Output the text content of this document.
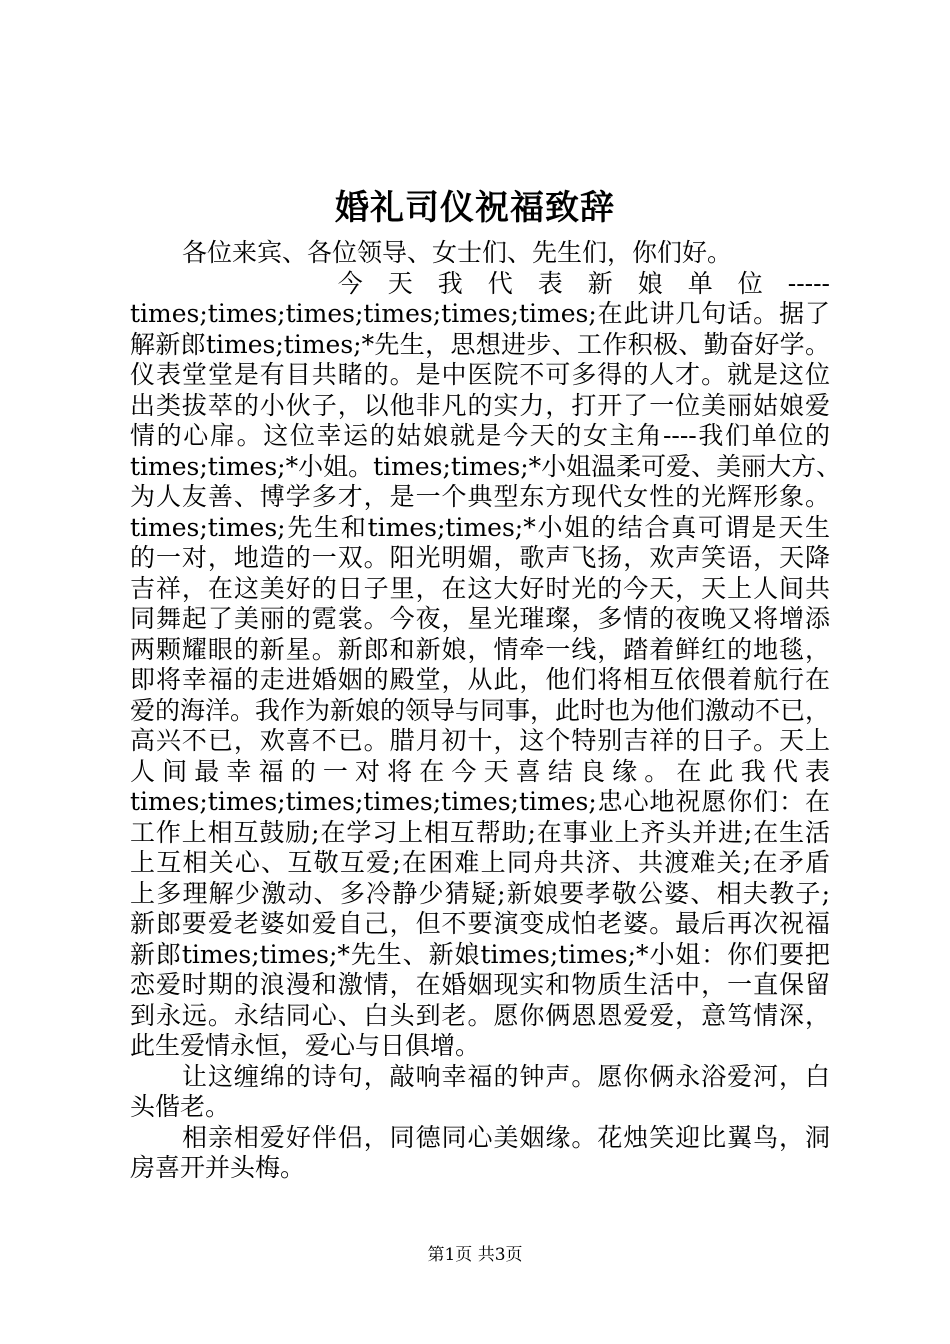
婚礼司仪祝福致辞
各位来宾、各位领导、女士们、先生们，你们好。
今　天　我　代　表　新　娘　单　位　-----
times;times;times;times;times;times;在此讲几句话。据了
解新郎times;times;*先生，思想进步、工作积极、勤奋好学。
仪表堂堂是有目共睹的。是中医院不可多得的人才。就是这位
出类拔萃的小伙子，以他非凡的实力，打开了一位美丽姑娘爱
情的心扉。这位幸运的姑娘就是今天的女主角----我们单位的
times;times;*小姐。times;times;*小姐温柔可爱、美丽大方、
为人友善、博学多才，是一个典型东方现代女性的光辉形象。
times;times;先生和times;times;*小姐的结合真可谓是天生
的一对，地造的一双。阳光明媚，歌声飞扬，欢声笑语，天降
吉祥，在这美好的日子里，在这大好时光的今天，天上人间共
同舞起了美丽的霓裳。今夜，星光璀璨，多情的夜晚又将增添
两颗耀眼的新星。新郎和新娘，情牵一线，踏着鲜红的地毯，
即将幸福的走进婚姻的殿堂，从此，他们将相互依偎着航行在
爱的海洋。我作为新娘的领导与同事，此时也为他们激动不已，
高兴不已，欢喜不已。腊月初十，这个特别吉祥的日子。天上
人间最幸福的一对将在今天喜结良缘。在此我代表
times;times;times;times;times;times;忠心地祝愿你们：在
工作上相互鼓励;在学习上相互帮助;在事业上齐头并进;在生活
上互相关心、互敬互爱;在困难上同舟共济、共渡难关;在矛盾
上多理解少激动、多冷静少猜疑;新娘要孝敬公婆、相夫教子;
新郎要爱老婆如爱自己，但不要演变成怕老婆。最后再次祝福
新郎times;times;*先生、新娘times;times;*小姐：你们要把
恋爱时期的浪漫和激情，在婚姻现实和物质生活中，一直保留
到永远。永结同心、白头到老。愿你俩恩恩爱爱，意笃情深，
此生爱情永恒，爱心与日俱增。
让这缠绵的诗句，敲响幸福的钟声。愿你俩永浴爱河，白
头偕老。
相亲相爱好伴侣，同德同心美姻缘。花烛笑迎比翼鸟，洞
房喜开并头梅。
第1页 共3页
